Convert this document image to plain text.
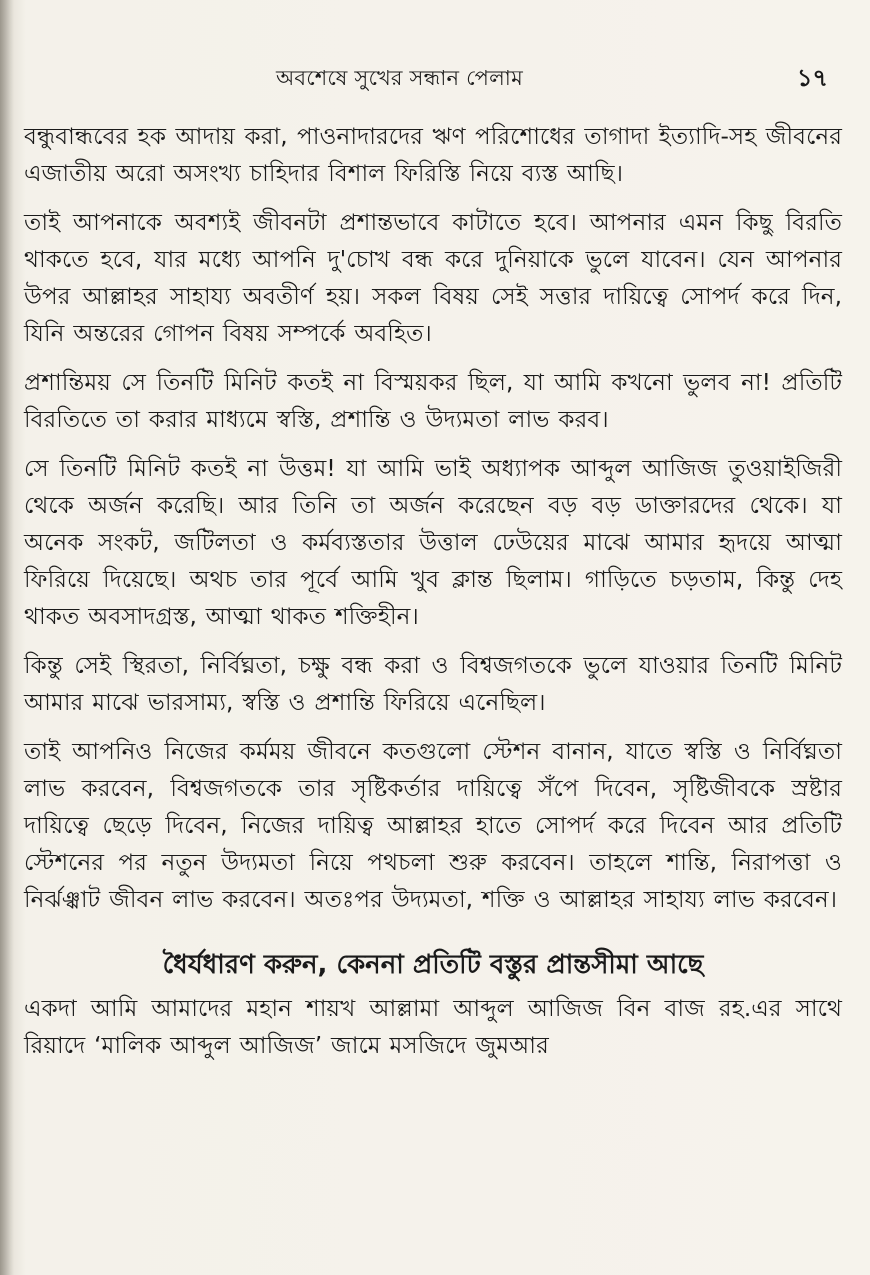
অবশেষে সুখের সন্ধান পেলাম	১৭

বন্ধুবান্ধবের হক আদায় করা, পাওনাদারদের ঋণ পরিশোধের তাগাদা ইত্যাদি-সহ জীবনের এজাতীয় অরো অসংখ্য চাহিদার বিশাল ফিরিস্তি নিয়ে ব্যস্ত আছি।

তাই আপনাকে অবশ্যই জীবনটা প্রশান্তভাবে কাটাতে হবে। আপনার এমন কিছু বিরতি থাকতে হবে, যার মধ্যে আপনি দু'চোখ বন্ধ করে দুনিয়াকে ভুলে যাবেন। যেন আপনার উপর আল্লাহর সাহায্য অবতীর্ণ হয়। সকল বিষয় সেই সত্তার দায়িত্বে সোপর্দ করে দিন, যিনি অন্তরের গোপন বিষয় সম্পর্কে অবহিত।

প্রশান্তিময় সে তিনটি মিনিট কতই না বিস্ময়কর ছিল, যা আমি কখনো ভুলব না! প্রতিটি বিরতিতে তা করার মাধ্যমে স্বস্তি, প্রশান্তি ও উদ্যমতা লাভ করব।

সে তিনটি মিনিট কতই না উত্তম! যা আমি ভাই অধ্যাপক আব্দুল আজিজ তুওয়াইজিরী থেকে অর্জন করেছি। আর তিনি তা অর্জন করেছেন বড় বড় ডাক্তারদের থেকে। যা অনেক সংকট, জটিলতা ও কর্মব্যস্ততার উত্তাল ঢেউয়ের মাঝে আমার হৃদয়ে আত্মা ফিরিয়ে দিয়েছে। অথচ তার পূর্বে আমি খুব ক্লান্ত ছিলাম। গাড়িতে চড়তাম, কিন্তু দেহ থাকত অবসাদগ্রস্ত, আত্মা থাকত শক্তিহীন।

কিন্তু সেই স্থিরতা, নির্বিঘ্নতা, চক্ষু বন্ধ করা ও বিশ্বজগতকে ভুলে যাওয়ার তিনটি মিনিট আমার মাঝে ভারসাম্য, স্বস্তি ও প্রশান্তি ফিরিয়ে এনেছিল।

তাই আপনিও নিজের কর্মময় জীবনে কতগুলো স্টেশন বানান, যাতে স্বস্তি ও নির্বিঘ্নতা লাভ করবেন, বিশ্বজগতকে তার সৃষ্টিকর্তার দায়িত্বে সঁপে দিবেন, সৃষ্টিজীবকে স্রষ্টার দায়িত্বে ছেড়ে দিবেন, নিজের দায়িত্ব আল্লাহর হাতে সোপর্দ করে দিবেন আর প্রতিটি স্টেশনের পর নতুন উদ্যমতা নিয়ে পথচলা শুরু করবেন। তাহলে শান্তি, নিরাপত্তা ও নির্ঝঞ্ঝাট জীবন লাভ করবেন। অতঃপর উদ্যমতা, শক্তি ও আল্লাহর সাহায্য লাভ করবেন।

ধৈর্যধারণ করুন, কেননা প্রতিটি বস্তুর প্রান্তসীমা আছে

একদা আমি আমাদের মহান শায়খ আল্লামা আব্দুল আজিজ বিন বাজ রহ.এর সাথে রিয়াদে ‘মালিক আব্দুল আজিজ’ জামে মসজিদে জুমআর
